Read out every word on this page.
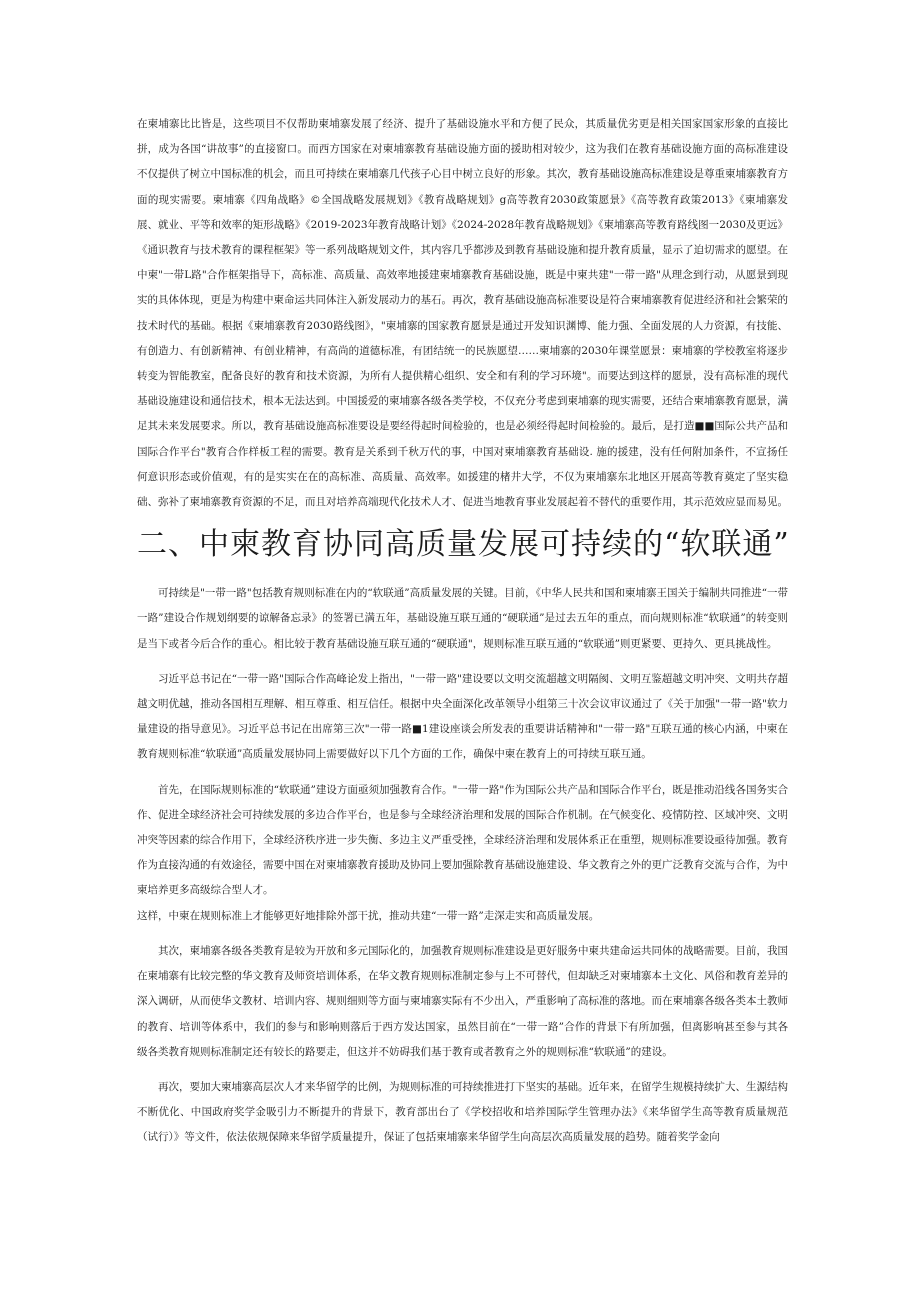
在柬埔寨比比皆是，这些项目不仅帮助柬埔寨发展了经济、提升了基础设施水平和方便了民众，其质量优劣更是相关国家国家形象的直接比拼，成为各国“讲故事”的直接窗口。而西方国家在对柬埔寨教育基础设施方面的援助相对较少，这为我们在教育基础设施方面的高标准建设不仅提供了树立中国标准的机会，而且可持续在柬埔寨几代孩子心目中树立良好的形象。其次，教育基础设施高标准建设是尊重柬埔寨教育方面的现实需要。柬埔寨《四角战略》©全国战略发展规划》《教育战略规划》g高等教育2030政策愿景》《高等教育政策2013》《柬埔寨发展、就业、平等和效率的矩形战略》《2019-2023年教育战略计划》《2024-2028年教育战略规划》《柬埔寨高等教育路线图一2030及更远》《通识教育与技术教育的课程框架》等一系列战略规划文件，其内容几乎都涉及到教育基础设施和提升教育质量，显示了迫切需求的愿望。在中柬"一带L路"合作框架指导下，高标准、高质量、高效率地援建柬埔寨教育基础设施，既是中柬共建"一带一路"从理念到行动，从愿景到现实的具体体现，更是为构建中柬命运共同体注入新发展动力的基石。再次，教育基础设施高标准要设是符合柬埔寨教育促进经济和社会繁荣的技术时代的基础。根据《柬埔寨教育2030路线图》，"柬埔寨的国家教育愿景是通过开发知识渊博、能力强、全面发展的人力资源，有技能、有创造力、有创新精神、有创业精神，有高尚的道德标准，有团结统一的民族愿望……柬埔寨的2030年课堂愿景：柬埔寨的学校教室将逐步转变为智能教室，配备良好的教育和技术资源，为所有人提供精心组织、安全和有利的学习环境"。而要达到这样的愿景，没有高标准的现代基础设施建设和通信技术，根本无法达到。中国援爱的柬埔寨各级各类学校，不仅充分考虑到柬埔寨的现实需要，还结合柬埔寨教育愿景，满足其未来发展要求。所以，教育基础设施高标准要设是要经得起时间检验的，也是必须经得起时间检验的。最后，是打造■■国际公共产品和国际合作平台"教育合作样板工程的需要。教育是关系到千秋万代的事，中国对柬埔寨教育基础设. 施的援建，没有任何附加条件，不宣扬任何意识形态或价值观，有的是实实在在的高标准、高质量、高效率。如援建的楮井大学，不仅为柬埔寨东北地区开展高等教育奠定了坚实稳础、弥补了柬埔寨教育资源的不足，而且对培养高端现代化技术人才、促进当地教育事业发展起着不替代的重要作用，其示范效应显而易见。

二、中柬教育协同高质量发展可持续的“软联通”

可持续是"一带一路"包括教育规则标准在内的“软联通”高质量发展的关键。目前，《中华人民共和国和柬埔寨王国关于编制共同推进“一带一路”建设合作规划纲要的谅解备忘录》的签署已满五年，基础设施互联互通的“硬联通”是过去五年的重点，而向规则标准“软联通”的转变则是当下或者今后合作的重心。相比较于教育基础设施互联互通的“硬联通"，规则标准互联互通的“软联通”则更紧要、更持久、更具挑战性。

习近平总书记在“一带一路"国际合作高峰论发上指出，"一带一路"建设要以文明交流超越文明隔阂、文明互鉴超越文明冲突、文明共存超越文明优越，推动各国相互理解、相互尊重、相互信任。根据中央全面深化改革领导小组第三十次会议审议通过了《关于加强"一带一路"软力量建设的指导意见》。习近平总书记在出席第三次"一带一路■1建设座谈会所发表的重要讲话精神和"一带一路"互联互通的核心内涵，中柬在教育规则标准“软联通”高质量发展协同上需要做好以下几个方面的工作，确保中柬在教育上的可持续互联互通。

首先，在国际规则标准的“软联通”建设方面亟须加强教育合作。"一带一路"作为国际公共产品和国际合作平台，既是推动沿线各国务实合作、促进全球经济社会可持续发展的多边合作平台，也是参与全球经济治理和发展的国际合作机制。在气候变化、疫情防控、区域冲突、文明冲突等因素的综合作用下，全球经济秩序进一步失衡、多边主义严重受挫，全球经济治理和发展体系正在重塑，规则标准要设亟待加强。教育作为直接沟通的有效途径，需要中国在对柬埔寨教育援助及协同上要加强除教育基础设施建设、华文教育之外的更广泛教育交流与合作，为中柬培养更多高级综合型人才。

这样，中柬在规则标准上才能够更好地排除外部干扰，推动共建“一带一路”走深走实和高质量发展。

其次，柬埔寨各级各类教育是较为开放和多元国际化的，加强教育规则标准建设是更好服务中柬共建命运共同体的战略需要。目前，我国在柬埔寨有比较完整的华文教育及师资培训体系，在华文教育规则标准制定参与上不可替代，但却缺乏对柬埔寨本土文化、风俗和教育差异的深入调研，从而使华文教材、培训内容、规则细则等方面与柬埔寨实际有不少出入，严重影响了高标准的落地。而在柬埔寨各级各类本土教师的教育、培训等体系中，我们的参与和影响则落后于西方发达国家，虽然目前在“一带一路”合作的背景下有所加强，但离影响甚至参与其各级各类教育规则标准制定还有较长的路要走，但这并不妨碍我们基于教育或者教育之外的规则标准“软联通”的建设。

再次，要加大柬埔寨高层次人才来华留学的比例，为规则标准的可持续推进打下坚实的基础。近年来，在留学生规模持续扩大、生源结构不断优化、中国政府奖学金吸引力不断提升的背景下，教育部出台了《学校招收和培养国际学生管理办法》《来华留学生高等教育质量规范（试行）》等文件，依法依规保障来华留学质量提升，保证了包括柬埔寨来华留学生向高层次高质量发展的趋势。随着奖学金向
